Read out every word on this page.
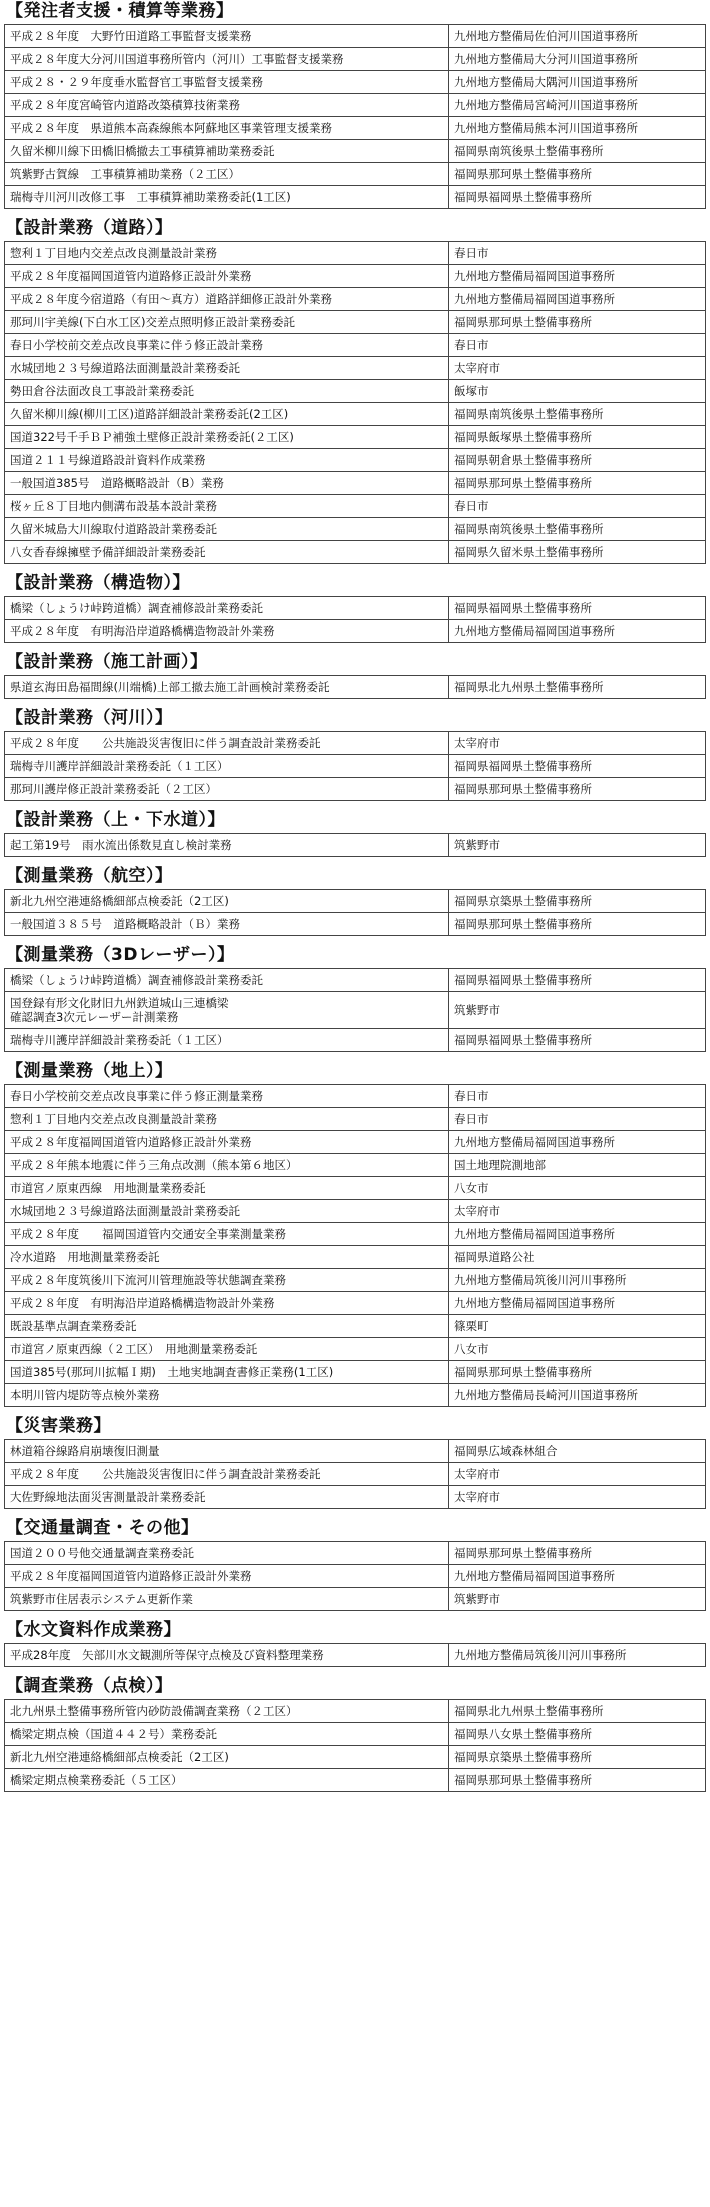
【発注者支援・積算等業務】
平成２８年度　大野竹田道路工事監督支援業務	九州地方整備局佐伯河川国道事務所
平成２８年度大分河川国道事務所管内（河川）工事監督支援業務	九州地方整備局大分河川国道事務所
平成２８・２９年度垂水監督官工事監督支援業務	九州地方整備局大隅河川国道事務所
平成２８年度宮崎管内道路改築積算技術業務	九州地方整備局宮崎河川国道事務所
平成２８年度　県道熊本高森線熊本阿蘇地区事業管理支援業務	九州地方整備局熊本河川国道事務所
久留米柳川線下田橋旧橋撤去工事積算補助業務委託	福岡県南筑後県土整備事務所
筑紫野古賀線　工事積算補助業務（２工区）	福岡県那珂県土整備事務所
瑞梅寺川河川改修工事　工事積算補助業務委託(1工区)	福岡県福岡県土整備事務所
【設計業務（道路）】
惣利１丁目地内交差点改良測量設計業務	春日市
平成２８年度福岡国道管内道路修正設計外業務	九州地方整備局福岡国道事務所
平成２８年度今宿道路（有田～真方）道路詳細修正設計外業務	九州地方整備局福岡国道事務所
那珂川宇美線(下白水工区)交差点照明修正設計業務委託	福岡県那珂県土整備事務所
春日小学校前交差点改良事業に伴う修正設計業務	春日市
水城団地２３号線道路法面測量設計業務委託	太宰府市
勢田倉谷法面改良工事設計業務委託	飯塚市
久留米柳川線(柳川工区)道路詳細設計業務委託(2工区)	福岡県南筑後県土整備事務所
国道322号千手ＢＰ補強土壁修正設計業務委託(２工区)	福岡県飯塚県土整備事務所
国道２１１号線道路設計資料作成業務	福岡県朝倉県土整備事務所
一般国道385号　道路概略設計（B）業務	福岡県那珂県土整備事務所
桜ヶ丘８丁目地内側溝布設基本設計業務	春日市
久留米城島大川線取付道路設計業務委託	福岡県南筑後県土整備事務所
八女香春線擁壁予備詳細設計業務委託	福岡県久留米県土整備事務所
【設計業務（構造物）】
橋梁（しょうけ峠跨道橋）調査補修設計業務委託	福岡県福岡県土整備事務所
平成２８年度　有明海沿岸道路橋構造物設計外業務	九州地方整備局福岡国道事務所
【設計業務（施工計画）】
県道玄海田島福間線(川端橋)上部工撤去施工計画検討業務委託	福岡県北九州県土整備事務所
【設計業務（河川）】
平成２８年度　　公共施設災害復旧に伴う調査設計業務委託	太宰府市
瑞梅寺川護岸詳細設計業務委託（１工区）	福岡県福岡県土整備事務所
那珂川護岸修正設計業務委託（２工区）	福岡県那珂県土整備事務所
【設計業務（上・下水道）】
起工第19号　雨水流出係数見直し検討業務	筑紫野市
【測量業務（航空）】
新北九州空港連絡橋細部点検委託（2工区)	福岡県京築県土整備事務所
一般国道３８５号　道路概略設計（Ｂ）業務	福岡県那珂県土整備事務所
【測量業務（3Dレーザー）】
橋梁（しょうけ峠跨道橋）調査補修設計業務委託	福岡県福岡県土整備事務所
国登録有形文化財旧九州鉄道城山三連橋梁
確認調査3次元レーザー計測業務	筑紫野市
瑞梅寺川護岸詳細設計業務委託（１工区）	福岡県福岡県土整備事務所
【測量業務（地上）】
春日小学校前交差点改良事業に伴う修正測量業務	春日市
惣利１丁目地内交差点改良測量設計業務	春日市
平成２８年度福岡国道管内道路修正設計外業務	九州地方整備局福岡国道事務所
平成２８年熊本地震に伴う三角点改測（熊本第６地区）	国土地理院測地部
市道宮ノ原東西線　用地測量業務委託	八女市
水城団地２３号線道路法面測量設計業務委託	太宰府市
平成２８年度　　福岡国道管内交通安全事業測量業務	九州地方整備局福岡国道事務所
冷水道路　用地測量業務委託	福岡県道路公社
平成２８年度筑後川下流河川管理施設等状態調査業務	九州地方整備局筑後川河川事務所
平成２８年度　有明海沿岸道路橋構造物設計外業務	九州地方整備局福岡国道事務所
既設基準点調査業務委託	篠栗町
市道宮ノ原東西線（２工区）　用地測量業務委託	八女市
国道385号(那珂川拡幅Ｉ期)　土地実地調査書修正業務(1工区)	福岡県那珂県土整備事務所
本明川管内堤防等点検外業務	九州地方整備局長崎河川国道事務所
【災害業務】
林道箱谷線路肩崩壊復旧測量	福岡県広域森林組合
平成２８年度　　公共施設災害復旧に伴う調査設計業務委託	太宰府市
大佐野線地法面災害測量設計業務委託	太宰府市
【交通量調査・その他】
国道２００号他交通量調査業務委託	福岡県那珂県土整備事務所
平成２８年度福岡国道管内道路修正設計外業務	九州地方整備局福岡国道事務所
筑紫野市住居表示システム更新作業	筑紫野市
【水文資料作成業務】
平成28年度　矢部川水文観測所等保守点検及び資料整理業務	九州地方整備局筑後川河川事務所
【調査業務（点検）】
北九州県土整備事務所管内砂防設備調査業務（２工区）	福岡県北九州県土整備事務所
橋梁定期点検（国道４４２号）業務委託	福岡県八女県土整備事務所
新北九州空港連絡橋細部点検委託（2工区)	福岡県京築県土整備事務所
橋梁定期点検業務委託（５工区）	福岡県那珂県土整備事務所
